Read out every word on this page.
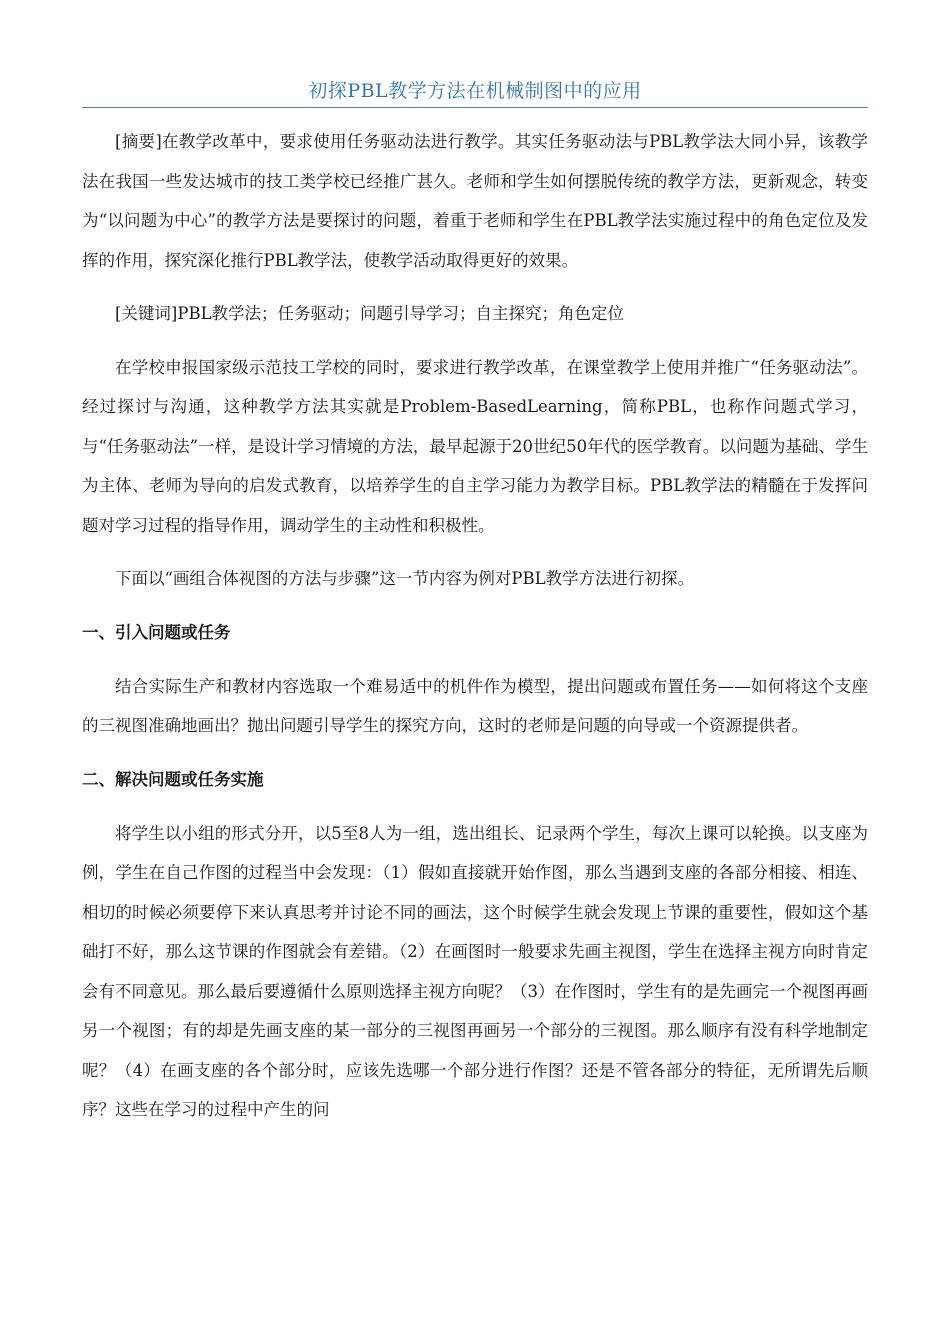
初探PBL教学方法在机械制图中的应用

[摘要]在教学改革中，要求使用任务驱动法进行教学。其实任务驱动法与PBL教学法大同小异，该教学法在我国一些发达城市的技工类学校已经推广甚久。老师和学生如何摆脱传统的教学方法，更新观念，转变为“以问题为中心”的教学方法是要探讨的问题，着重于老师和学生在PBL教学法实施过程中的角色定位及发挥的作用，探究深化推行PBL教学法，使教学活动取得更好的效果。

[关键词]PBL教学法；任务驱动；问题引导学习；自主探究；角色定位

在学校申报国家级示范技工学校的同时，要求进行教学改革，在课堂教学上使用并推广“任务驱动法”。经过探讨与沟通，这种教学方法其实就是Problem-BasedLearning，简称PBL，也称作问题式学习，与“任务驱动法”一样，是设计学习情境的方法，最早起源于20世纪50年代的医学教育。以问题为基础、学生为主体、老师为导向的启发式教育，以培养学生的自主学习能力为教学目标。PBL教学法的精髓在于发挥问题对学习过程的指导作用，调动学生的主动性和积极性。

下面以“画组合体视图的方法与步骤”这一节内容为例对PBL教学方法进行初探。

一、引入问题或任务

结合实际生产和教材内容选取一个难易适中的机件作为模型，提出问题或布置任务——如何将这个支座的三视图准确地画出？抛出问题引导学生的探究方向，这时的老师是问题的向导或一个资源提供者。

二、解决问题或任务实施

将学生以小组的形式分开，以5至8人为一组，选出组长、记录两个学生，每次上课可以轮换。以支座为例，学生在自己作图的过程当中会发现：（1）假如直接就开始作图，那么当遇到支座的各部分相接、相连、相切的时候必须要停下来认真思考并讨论不同的画法，这个时候学生就会发现上节课的重要性，假如这个基础打不好，那么这节课的作图就会有差错。（2）在画图时一般要求先画主视图，学生在选择主视方向时肯定会有不同意见。那么最后要遵循什么原则选择主视方向呢？（3）在作图时，学生有的是先画完一个视图再画另一个视图；有的却是先画支座的某一部分的三视图再画另一个部分的三视图。那么顺序有没有科学地制定呢？（4）在画支座的各个部分时，应该先选哪一个部分进行作图？还是不管各部分的特征，无所谓先后顺序？这些在学习的过程中产生的问
